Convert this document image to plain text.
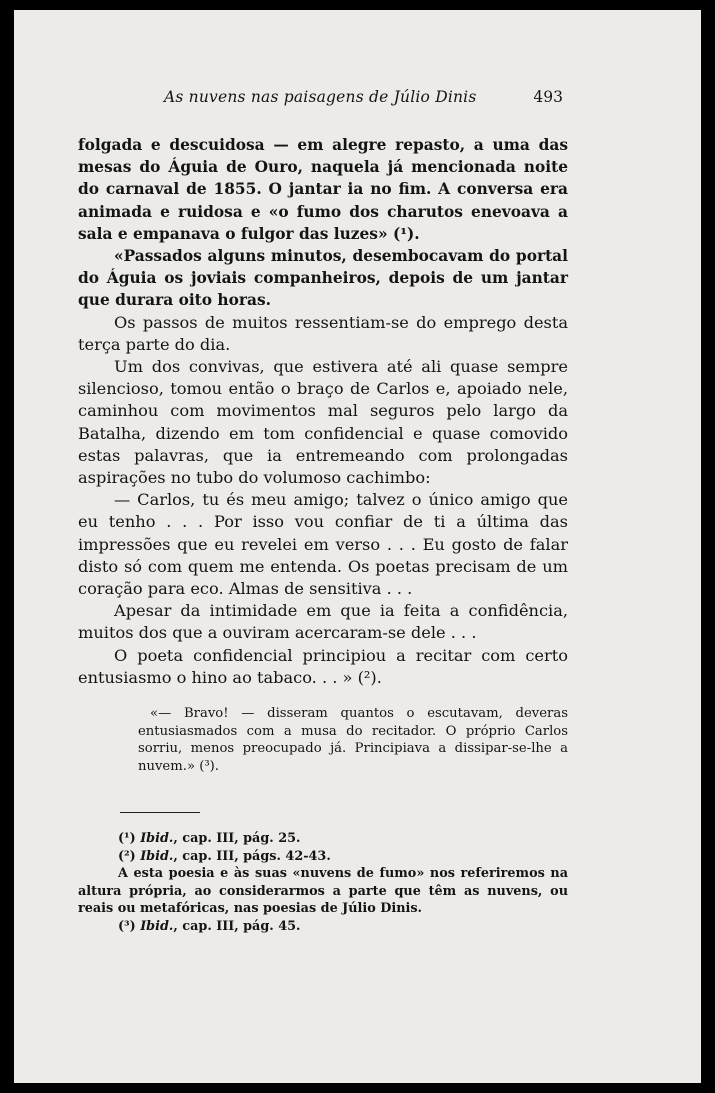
As nuvens nas paisagens de Júlio Dinis	493

folgada e descuidosa — em alegre repasto, a uma das mesas do Águia de Ouro, naquela já mencionada noite do carnaval de 1855. O jantar ia no fim. A conversa era animada e ruidosa e «o fumo dos charutos enevoava a sala e empanava o fulgor das luzes» (¹).

«Passados alguns minutos, desembocavam do portal do Águia os joviais companheiros, depois de um jantar que durara oito horas.

Os passos de muitos ressentiam-se do emprego desta terça parte do dia.

Um dos convivas, que estivera até ali quase sempre silencioso, tomou então o braço de Carlos e, apoiado nele, caminhou com movimentos mal seguros pelo largo da Batalha, dizendo em tom confidencial e quase comovido estas palavras, que ia entremeando com prolongadas aspirações no tubo do volumoso cachimbo:

— Carlos, tu és meu amigo; talvez o único amigo que eu tenho . . . Por isso vou confiar de ti a última das impressões que eu revelei em verso . . . Eu gosto de falar disto só com quem me entenda. Os poetas precisam de um coração para eco. Almas de sensitiva . . .

Apesar da intimidade em que ia feita a confidência, muitos dos que a ouviram acercaram-se dele . . .

O poeta confidencial principiou a recitar com certo entusiasmo o hino ao tabaco. . . » (²).

«— Bravo! — disseram quantos o escutavam, deveras entusiasmados com a musa do recitador. O próprio Carlos sorriu, menos preocupado já. Principiava a dissipar-se-lhe a nuvem.» (³).

(¹) Ibid., cap. III, pág. 25.

(²) Ibid., cap. III, págs. 42-43.

A esta poesia e às suas «nuvens de fumo» nos referiremos na altura própria, ao considerarmos a parte que têm as nuvens, ou reais ou metafóricas, nas poesias de Júlio Dinis.

(³) Ibid., cap. III, pág. 45.
